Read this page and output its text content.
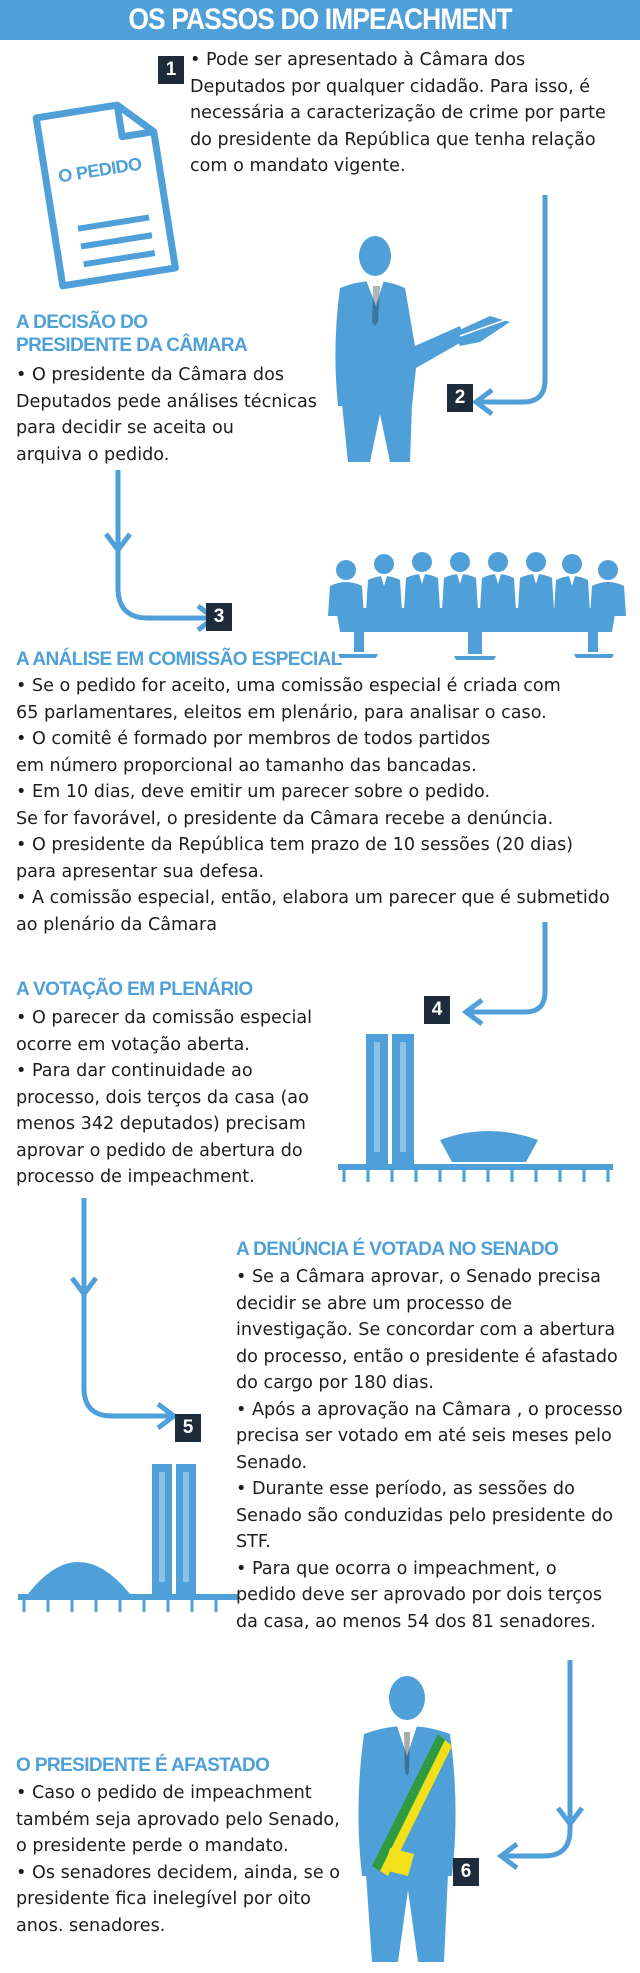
OS PASSOS DO IMPEACHMENT
O PEDIDO
1 • Pode ser apresentado à Câmara dos
Deputados por qualquer cidadão. Para isso, é
necessária a caracterização de crime por parte
do presidente da República que tenha relação
com o mandato vigente.
2
A DECISÃO DO
PRESIDENTE DA CÂMARA
• O presidente da Câmara dos
Deputados pede análises técnicas
para decidir se aceita ou
arquiva o pedido.
3
A ANÁLISE EM COMISSÃO ESPECIAL
• Se o pedido for aceito, uma comissão especial é criada com
65 parlamentares, eleitos em plenário, para analisar o caso.
• O comitê é formado por membros de todos partidos
em número proporcional ao tamanho das bancadas.
• Em 10 dias, deve emitir um parecer sobre o pedido.
Se for favorável, o presidente da Câmara recebe a denúncia.
• O presidente da República tem prazo de 10 sessões (20 dias)
para apresentar sua defesa.
• A comissão especial, então, elabora um parecer que é submetido
ao plenário da Câmara
4
A VOTAÇÃO EM PLENÁRIO
• O parecer da comissão especial
ocorre em votação aberta.
• Para dar continuidade ao
processo, dois terços da casa (ao
menos 342 deputados) precisam
aprovar o pedido de abertura do
processo de impeachment.
5
A DENÚNCIA É VOTADA NO SENADO
• Se a Câmara aprovar, o Senado precisa
decidir se abre um processo de
investigação. Se concordar com a abertura
do processo, então o presidente é afastado
do cargo por 180 dias.
• Após a aprovação na Câmara , o processo
precisa ser votado em até seis meses pelo
Senado.
• Durante esse período, as sessões do
Senado são conduzidas pelo presidente do
STF.
• Para que ocorra o impeachment, o
pedido deve ser aprovado por dois terços
da casa, ao menos 54 dos 81 senadores.
6
O PRESIDENTE É AFASTADO
• Caso o pedido de impeachment
também seja aprovado pelo Senado,
o presidente perde o mandato.
• Os senadores decidem, ainda, se o
presidente fica inelegível por oito
anos. senadores.
